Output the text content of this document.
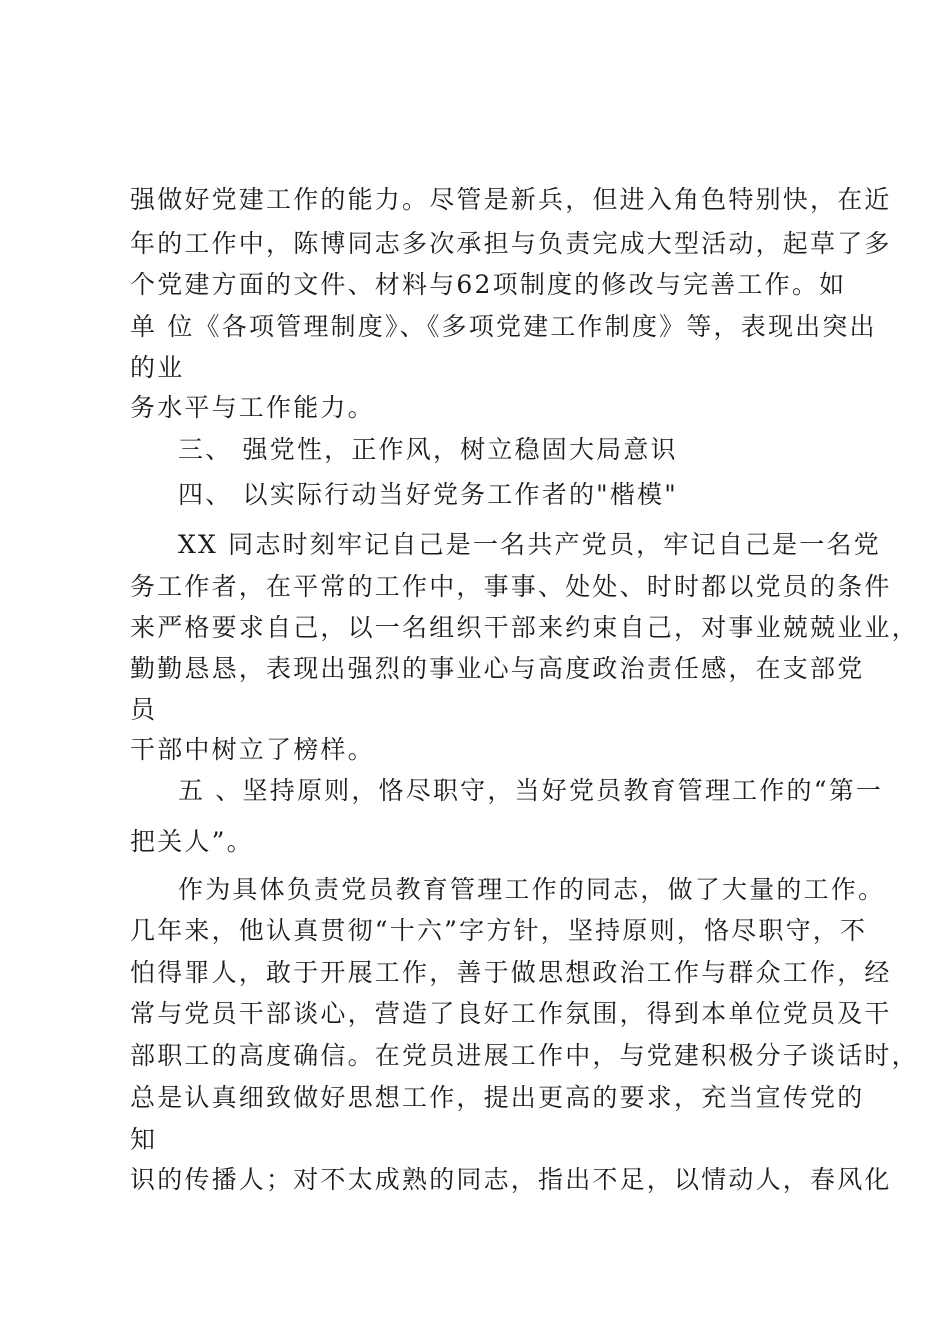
强做好党建工作的能力。尽管是新兵，但进入角色特别快，在近

年的工作中，陈博同志多次承担与负责完成大型活动，起草了多

个党建方面的文件、材料与62项制度的修改与完善工作。如

单 位《各项管理制度》、《多项党建工作制度》等，表现出突出

的业

务水平与工作能力。

三、 强党性，正作风，树立稳固大局意识

四、 以实际行动当好党务工作者的"楷模"

XX 同志时刻牢记自己是一名共产党员，牢记自己是一名党

务工作者，在平常的工作中，事事、处处、时时都以党员的条件

来严格要求自己，以一名组织干部来约束自己，对事业兢兢业业，

勤勤恳恳，表现出强烈的事业心与高度政治责任感，在支部党

员

干部中树立了榜样。

五 、坚持原则，恪尽职守，当好党员教育管理工作的“第一

把关人”。

作为具体负责党员教育管理工作的同志，做了大量的工作。

几年来，他认真贯彻“十六”字方针，坚持原则，恪尽职守，不

怕得罪人，敢于开展工作，善于做思想政治工作与群众工作，经

常与党员干部谈心，营造了良好工作氛围，得到本单位党员及干

部职工的高度确信。在党员进展工作中，与党建积极分子谈话时，

总是认真细致做好思想工作，提出更高的要求，充当宣传党的

知

识的传播人；对不太成熟的同志，指出不足，以情动人，春风化
